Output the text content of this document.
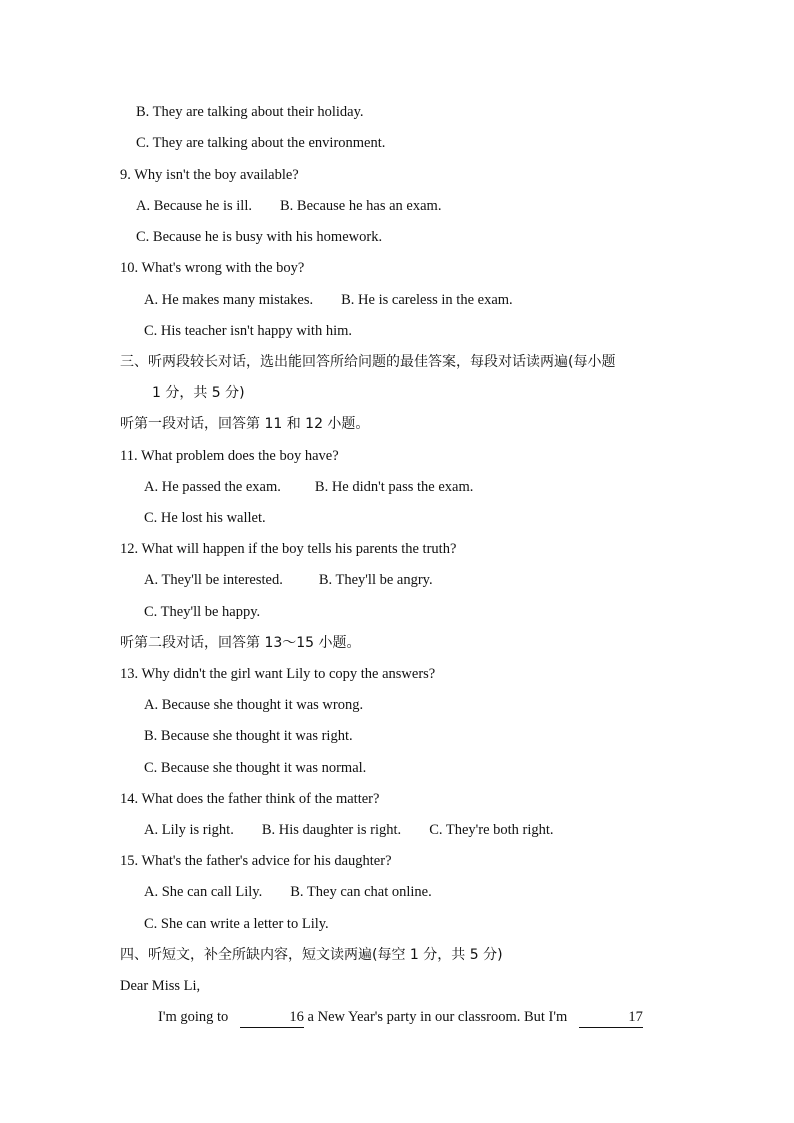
B. They are talking about their holiday.
C. They are talking about the environment.
9. Why isn't the boy available?
A. Because he is ill. B. Because he has an exam.
C. Because he is busy with his homework.
10. What's wrong with the boy?
A. He makes many mistakes. B. He is careless in the exam.
C. His teacher isn't happy with him.
三、听两段较长对话，选出能回答所给问题的最佳答案，每段对话读两遍(每小题
1 分，共 5 分)
听第一段对话，回答第 11 和 12 小题。
11. What problem does the boy have?
A. He passed the exam. B. He didn't pass the exam.
C. He lost his wallet.
12. What will happen if the boy tells his parents the truth?
A. They'll be interested. B. They'll be angry.
C. They'll be happy.
听第二段对话，回答第 13～15 小题。
13. Why didn't the girl want Lily to copy the answers?
A. Because she thought it was wrong.
B. Because she thought it was right.
C. Because she thought it was normal.
14. What does the father think of the matter?
A. Lily is right. B. His daughter is right. C. They're both right.
15. What's the father's advice for his daughter?
A. She can call Lily. B. They can chat online.
C. She can write a letter to Lily.
四、听短文，补全所缺内容，短文读两遍(每空 1 分，共 5 分)
Dear Miss Li,
I'm going to	16 a New Year's party in our classroom. But I'm	17
